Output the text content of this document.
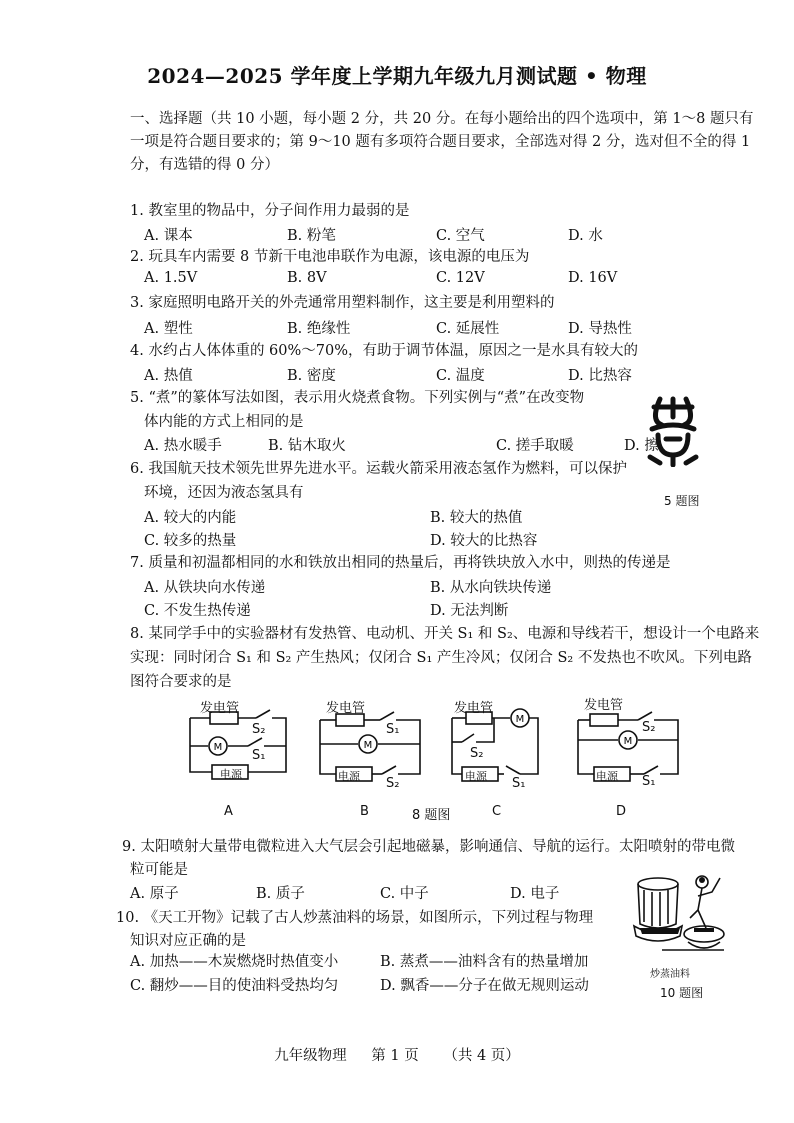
2024—2025 学年度上学期九年级九月测试题 • 物理
一、选择题（共 10 小题，每小题 2 分，共 20 分。在每小题给出的四个选项中，第 1～8 题只有一项是符合题目要求的；第 9～10 题有多项符合题目要求，全部选对得 2 分，选对但不全的得 1 分，有选错的得 0 分）
1. 教室里的物品中，分子间作用力最弱的是
A. 课本	B. 粉笔	C. 空气	D. 水
2. 玩具车内需要 8 节新干电池串联作为电源，该电源的电压为
A. 1.5V	B. 8V	C. 12V	D. 16V
3. 家庭照明电路开关的外壳通常用塑料制作，这主要是利用塑料的
A. 塑性	B. 绝缘性	C. 延展性	D. 导热性
4. 水约占人体体重的 60%～70%，有助于调节体温，原因之一是水具有较大的
A. 热值	B. 密度	C. 温度	D. 比热容
5. “煮”的篆体写法如图，表示用火烧煮食物。下列实例与“煮”在改变物
体内能的方式上相同的是
A. 热水暖手	B. 钻木取火	C. 搓手取暖	D. 擦
5 题图
6. 我国航天技术领先世界先进水平。运载火箭采用液态氢作为燃料，可以保护
环境，还因为液态氢具有
A. 较大的内能	B. 较大的热值
C. 较多的热量	D. 较大的比热容
7. 质量和初温都相同的水和铁放出相同的热量后，再将铁块放入水中，则热的传递是
A. 从铁块向水传递	B. 从水向铁块传递
C. 不发生热传递	D. 无法判断
8. 某同学手中的实验器材有发热管、电动机、开关 S₁ 和 S₂、电源和导线若干，想设计一个电路来
实现：同时闭合 S₁ 和 S₂ 产生热风；仅闭合 S₁ 产生冷风；仅闭合 S₂ 不发热也不吹风。下列电路
图符合要求的是
M
发电管
S₂
S₁
电源
M
发电管
S₁
S₂
电源
M
发电管
S₂
S₁
电源
M
发电管
S₂
S₁
电源
A	B	8 题图	C	D
9. 太阳喷射大量带电微粒进入大气层会引起地磁暴，影响通信、导航的运行。太阳喷射的带电微
粒可能是
A. 原子	B. 质子	C. 中子	D. 电子
10. 《天工开物》记载了古人炒蒸油料的场景，如图所示，下列过程与物理
知识对应正确的是
A. 加热——木炭燃烧时热值变小	B. 蒸煮——油料含有的热量增加
C. 翻炒——目的使油料受热均匀	D. 飘香——分子在做无规则运动
炒蒸油料
10 题图
九年级物理 第 1 页 （共 4 页）
